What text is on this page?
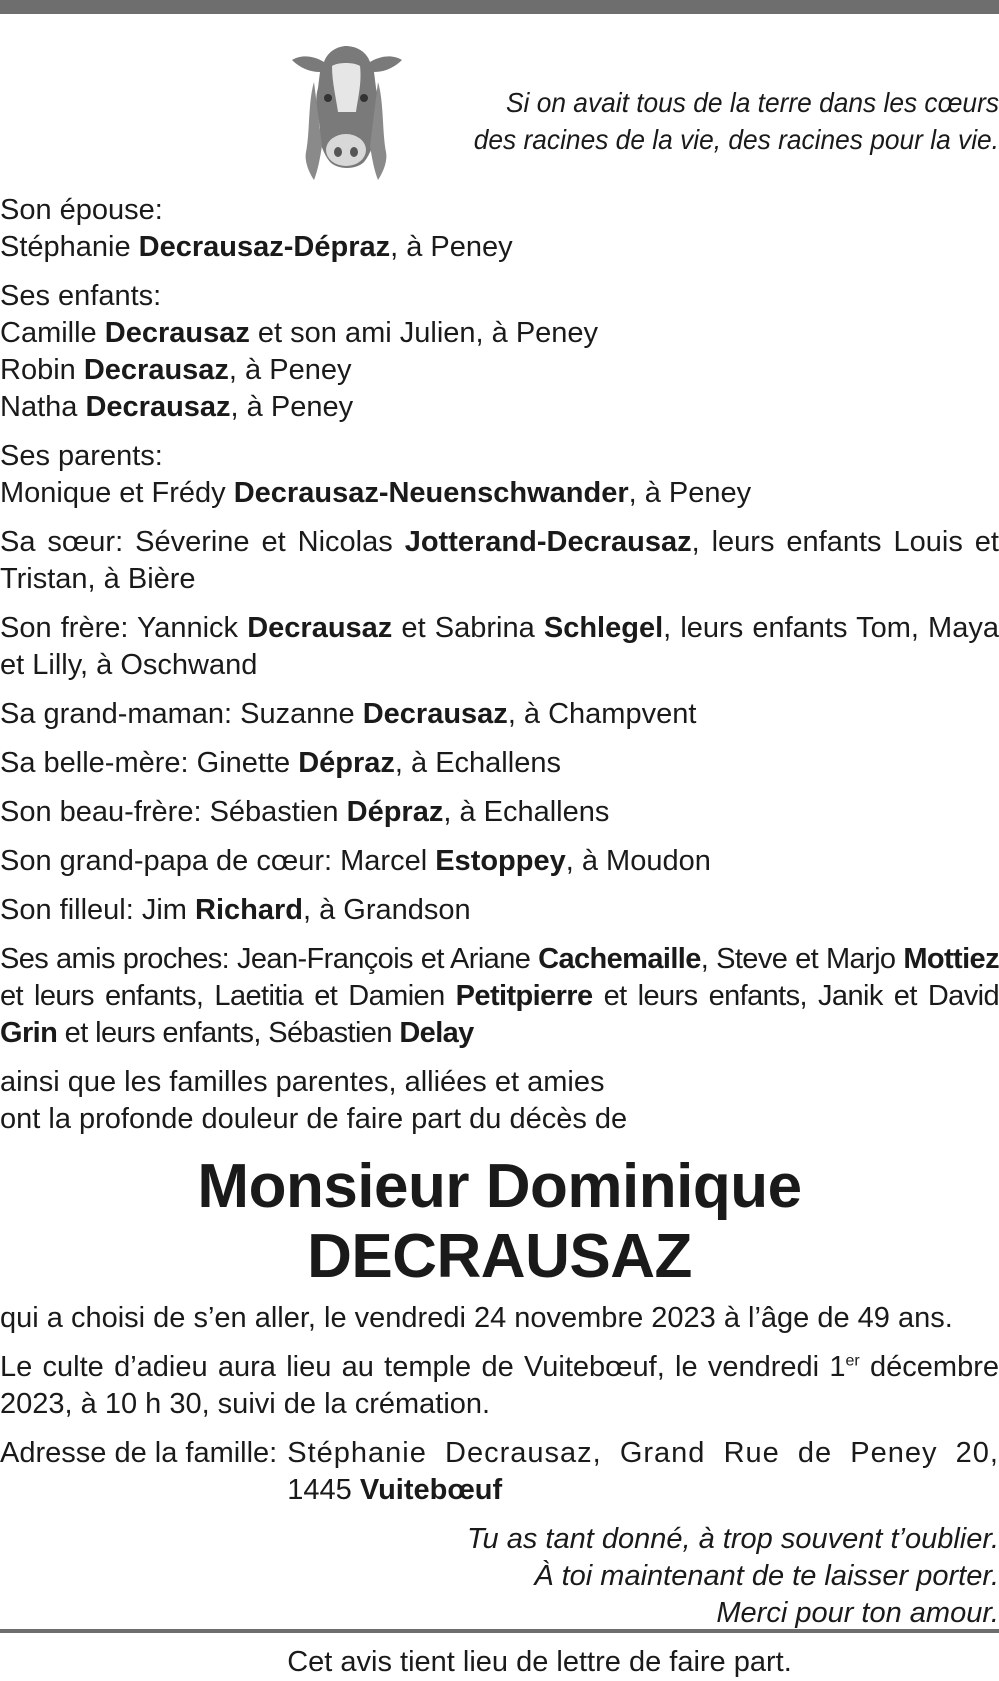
Si on avait tous de la terre dans les cœurs
des racines de la vie, des racines pour la vie.

Son épouse:
Stéphanie Decrausaz-Dépraz, à Peney

Ses enfants:
Camille Decrausaz et son ami Julien, à Peney
Robin Decrausaz, à Peney
Natha Decrausaz, à Peney

Ses parents:
Monique et Frédy Decrausaz-Neuenschwander, à Peney

Sa sœur: Séverine et Nicolas Jotterand-Decrausaz, leurs enfants Louis et Tristan, à Bière

Son frère: Yannick Decrausaz et Sabrina Schlegel, leurs enfants Tom, Maya et Lilly, à Oschwand

Sa grand-maman: Suzanne Decrausaz, à Champvent

Sa belle-mère: Ginette Dépraz, à Echallens

Son beau-frère: Sébastien Dépraz, à Echallens

Son grand-papa de cœur: Marcel Estoppey, à Moudon

Son filleul: Jim Richard, à Grandson

Ses amis proches: Jean-François et Ariane Cachemaille, Steve et Marjo Mottiez et leurs enfants, Laetitia et Damien Petitpierre et leurs enfants, Janik et David Grin et leurs enfants, Sébastien Delay

ainsi que les familles parentes, alliées et amies
ont la profonde douleur de faire part du décès de

Monsieur Dominique DECRAUSAZ

qui a choisi de s’en aller, le vendredi 24 novembre 2023 à l’âge de 49 ans.

Le culte d’adieu aura lieu au temple de Vuitebœuf, le vendredi 1er décembre 2023, à 10 h 30, suivi de la crémation.

Adresse de la famille: Stéphanie Decrausaz, Grand Rue de Peney 20,
1445 Vuitebœuf
Tu as tant donné, à trop souvent t’oublier.
À toi maintenant de te laisser porter.
Merci pour ton amour.
Cet avis tient lieu de lettre de faire part.
